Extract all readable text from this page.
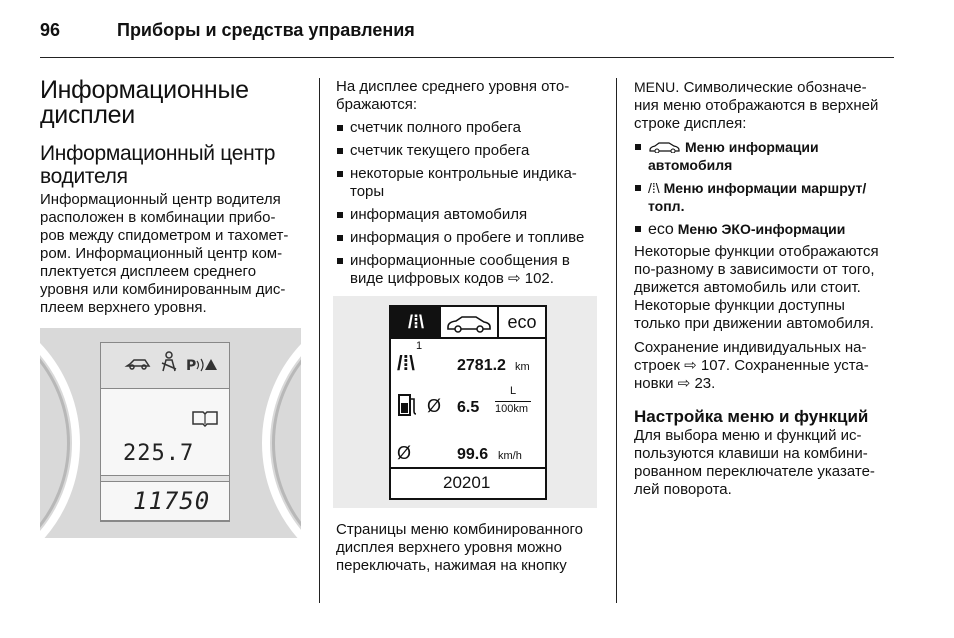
96	Приборы и средства управления
Информационные
дисплеи
Информационный центр
водителя
Информационный центр водителя
расположен в комбинации прибо-
ров между спидометром и тахомет-
ром. Информационный центр ком-
плектуется дисплеем среднего
уровня или комбинированным дис-
плеем верхнего уровня.
P
225.7
11750
На дисплее среднего уровня ото-
бражаются:
счетчик полного пробега
счетчик текущего пробега
некоторые контрольные индика-
торы
информация автомобиля
информация о пробеге и топливе
информационные сообщения в
виде цифровых кодов ⇨ 102.
/⁞\	eco
1
/⁞\	2781.2 km
Ø 6.5
L
100km
Ø	99.6 km/h
20201
Страницы меню комбинированного
дисплея верхнего уровня можно
переключать, нажимая на кнопку
MENU. Символические обозначе-
ния меню отображаются в верхней
строке дисплея:
Меню информации автомобиля
/⁞\ Меню информации маршрут/
топл.
eco Меню ЭКО-информации
Некоторые функции отображаются
по-разному в зависимости от того,
движется автомобиль или стоит.
Некоторые функции доступны
только при движении автомобиля.
Сохранение индивидуальных на-
строек ⇨ 107. Сохраненные уста-
новки ⇨ 23.
Настройка меню и функций
Для выбора меню и функций ис-
пользуются клавиши на комбини-
рованном переключателе указате-
лей поворота.
